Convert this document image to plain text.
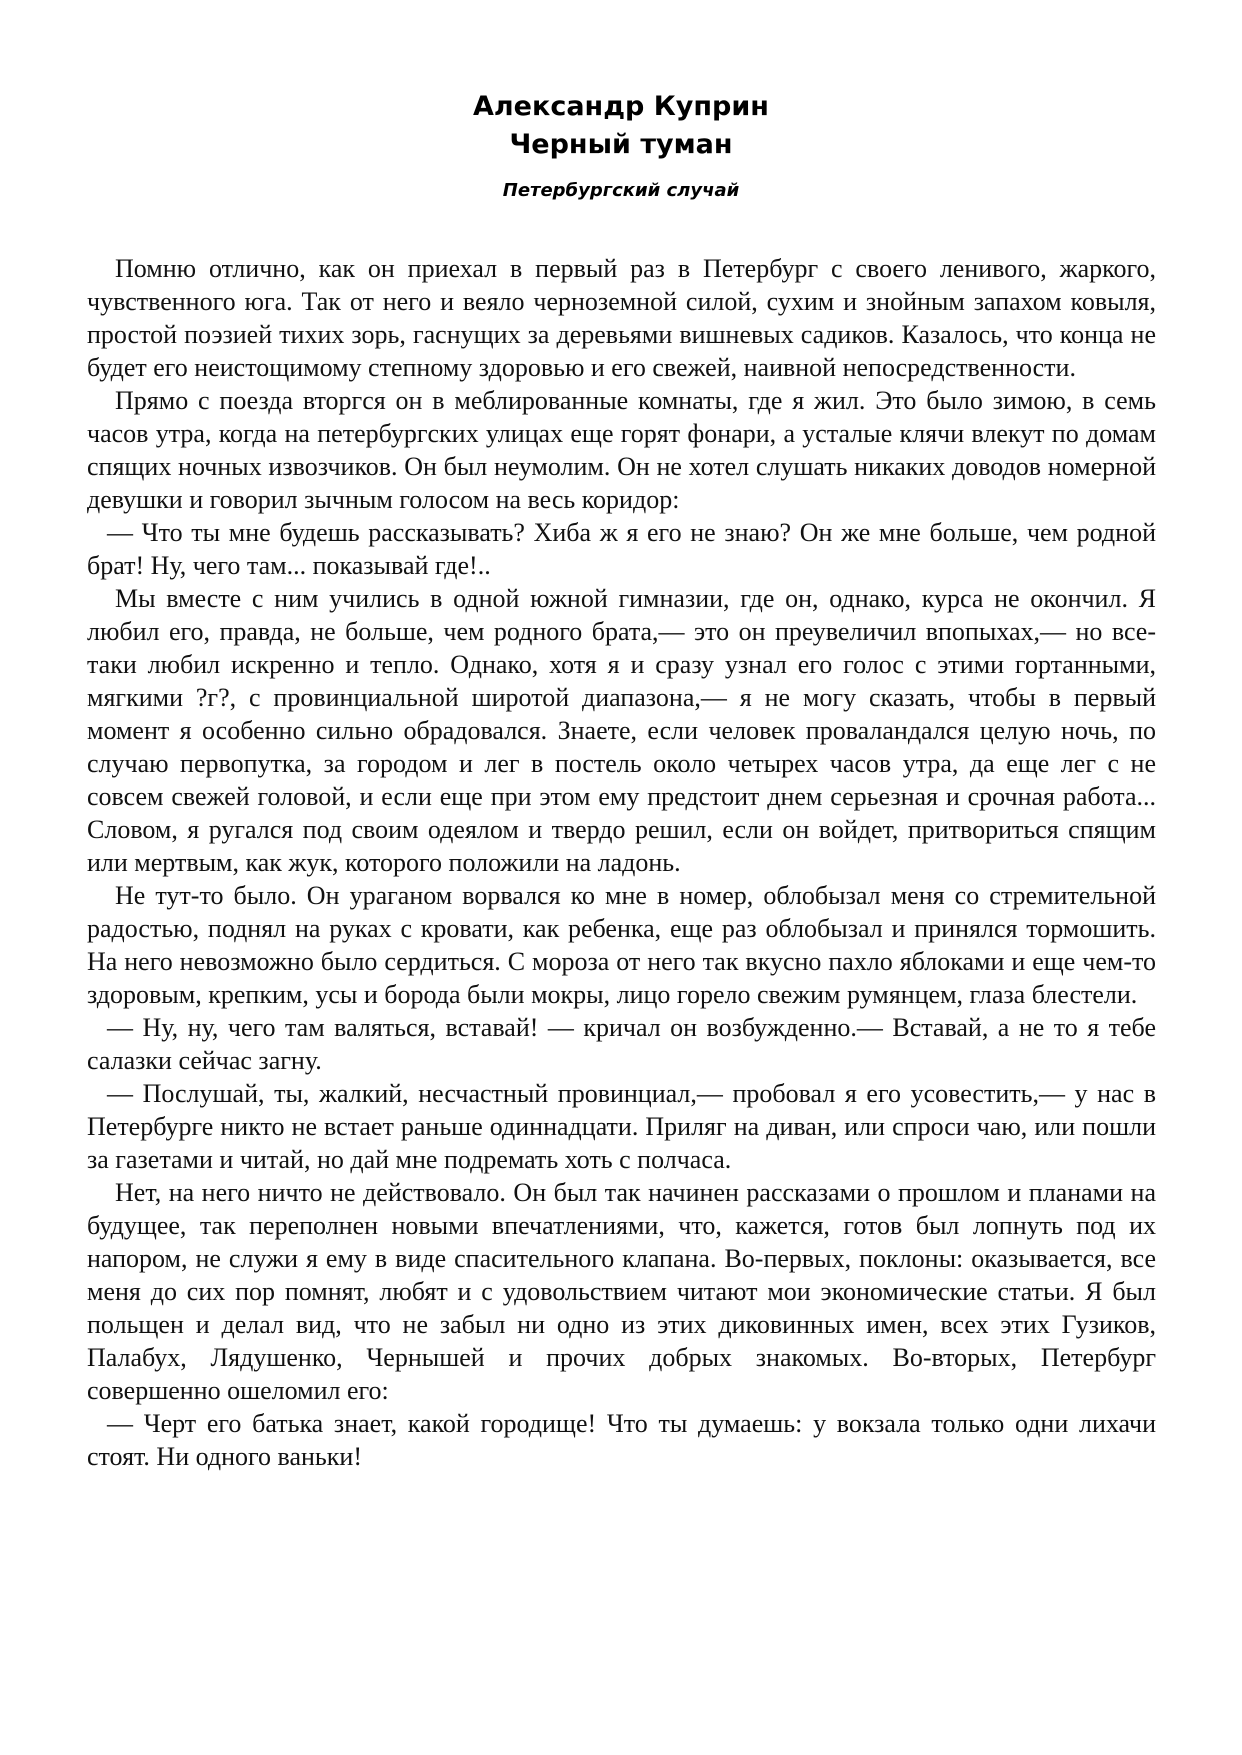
Александр Куприн
Черный туман
Петербургский случай

Помню отлично, как он приехал в первый раз в Петербург с своего ленивого, жаркого, чувственного юга. Так от него и веяло черноземной силой, сухим и знойным запахом ковыля, простой поэзией тихих зорь, гаснущих за деревьями вишневых садиков. Казалось, что конца не будет его неистощимому степному здоровью и его свежей, наивной непосредственности.

Прямо с поезда вторгся он в меблированные комнаты, где я жил. Это было зимою, в семь часов утра, когда на петербургских улицах еще горят фонари, а усталые клячи влекут по домам спящих ночных извозчиков. Он был неумолим. Он не хотел слушать никаких доводов номерной девушки и говорил зычным голосом на весь коридор:

— Что ты мне будешь рассказывать? Хиба ж я его не знаю? Он же мне больше, чем родной брат! Ну, чего там... показывай где!..

Мы вместе с ним учились в одной южной гимназии, где он, однако, курса не окончил. Я любил его, правда, не больше, чем родного брата,— это он преувеличил впопыхах,— но все-таки любил искренно и тепло. Однако, хотя я и сразу узнал его голос с этими гортанными, мягкими ?г?, с провинциальной широтой диапазона,— я не могу сказать, чтобы в первый момент я особенно сильно обрадовался. Знаете, если человек проваландался целую ночь, по случаю первопутка, за городом и лег в постель около четырех часов утра, да еще лег с не совсем свежей головой, и если еще при этом ему предстоит днем серьезная и срочная работа... Словом, я ругался под своим одеялом и твердо решил, если он войдет, притвориться спящим или мертвым, как жук, которого положили на ладонь.

Не тут-то было. Он ураганом ворвался ко мне в номер, облобызал меня со стремительной радостью, поднял на руках с кровати, как ребенка, еще раз облобызал и принялся тормошить. На него невозможно было сердиться. С мороза от него так вкусно пахло яблоками и еще чем-то здоровым, крепким, усы и борода были мокры, лицо горело свежим румянцем, глаза блестели.

— Ну, ну, чего там валяться, вставай! — кричал он возбужденно.— Вставай, а не то я тебе салазки сейчас загну.

— Послушай, ты, жалкий, несчастный провинциал,— пробовал я его усовестить,— у нас в Петербурге никто не встает раньше одиннадцати. Приляг на диван, или спроси чаю, или пошли за газетами и читай, но дай мне подремать хоть с полчаса.

Нет, на него ничто не действовало. Он был так начинен рассказами о прошлом и планами на будущее, так переполнен новыми впечатлениями, что, кажется, готов был лопнуть под их напором, не служи я ему в виде спасительного клапана. Во-первых, поклоны: оказывается, все меня до сих пор помнят, любят и с удовольствием читают мои экономические статьи. Я был польщен и делал вид, что не забыл ни одно из этих диковинных имен, всех этих Гузиков, Палабух, Лядушенко, Чернышей и прочих добрых знакомых. Во-вторых, Петербург совершенно ошеломил его:

— Черт его батька знает, какой городище! Что ты думаешь: у вокзала только одни лихачи стоят. Ни одного ваньки!
